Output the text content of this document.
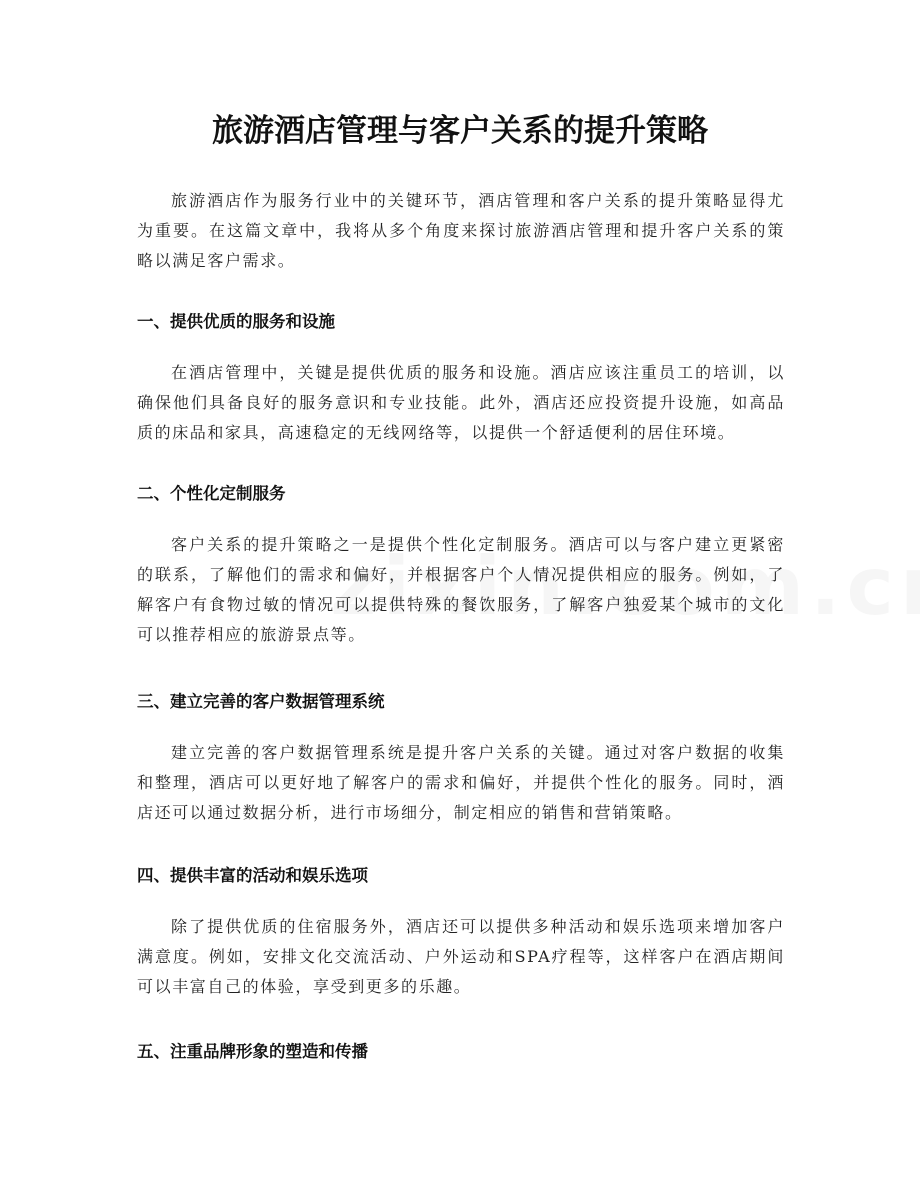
旅游酒店管理与客户关系的提升策略

旅游酒店作为服务行业中的关键环节，酒店管理和客户关系的提升策略显得尤为重要。在这篇文章中，我将从多个角度来探讨旅游酒店管理和提升客户关系的策略以满足客户需求。

一、提供优质的服务和设施

在酒店管理中，关键是提供优质的服务和设施。酒店应该注重员工的培训，以确保他们具备良好的服务意识和专业技能。此外，酒店还应投资提升设施，如高品质的床品和家具，高速稳定的无线网络等，以提供一个舒适便利的居住环境。

二、个性化定制服务

客户关系的提升策略之一是提供个性化定制服务。酒店可以与客户建立更紧密的联系，了解他们的需求和偏好，并根据客户个人情况提供相应的服务。例如，了解客户有食物过敏的情况可以提供特殊的餐饮服务，了解客户独爱某个城市的文化可以推荐相应的旅游景点等。

三、建立完善的客户数据管理系统

建立完善的客户数据管理系统是提升客户关系的关键。通过对客户数据的收集和整理，酒店可以更好地了解客户的需求和偏好，并提供个性化的服务。同时，酒店还可以通过数据分析，进行市场细分，制定相应的销售和营销策略。

四、提供丰富的活动和娱乐选项

除了提供优质的住宿服务外，酒店还可以提供多种活动和娱乐选项来增加客户满意度。例如，安排文化交流活动、户外运动和SPA疗程等，这样客户在酒店期间可以丰富自己的体验，享受到更多的乐趣。

五、注重品牌形象的塑造和传播
